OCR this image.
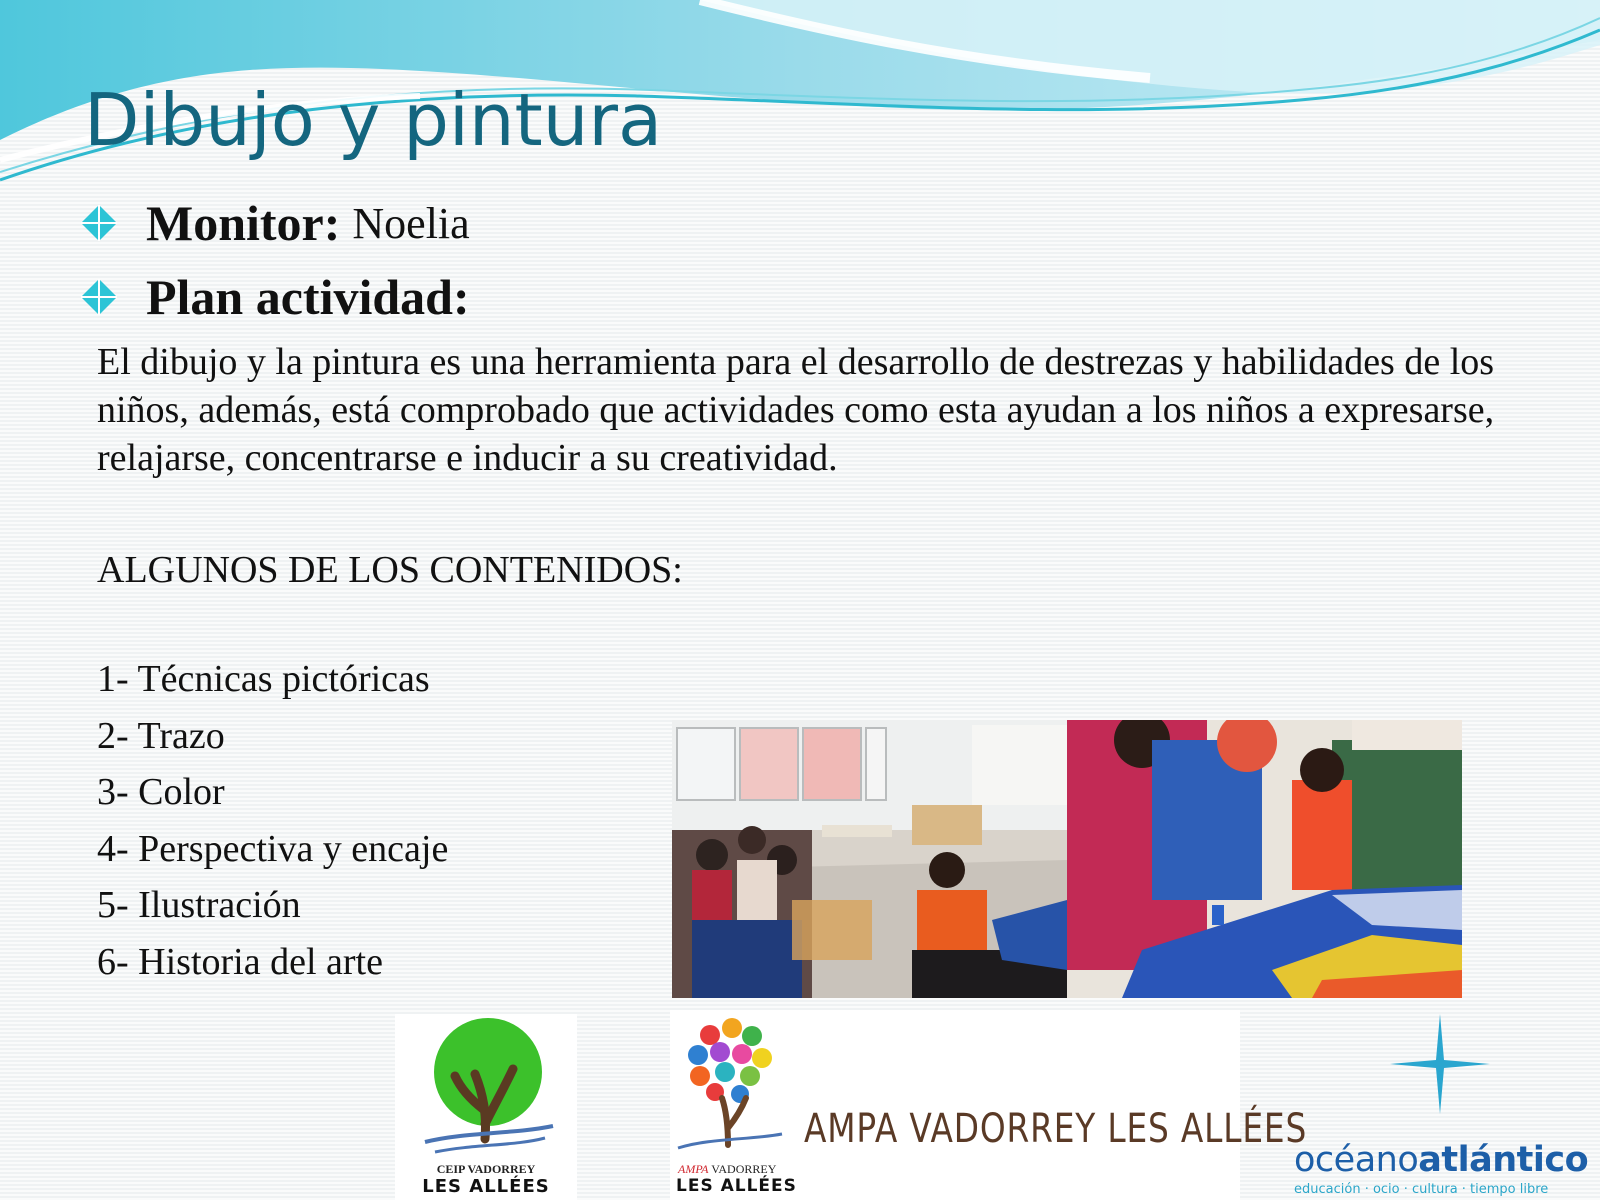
Dibujo y pintura
Monitor: Noelia
Plan actividad:

El dibujo y la pintura es una herramienta para el desarrollo de destrezas y habilidades de los niños, además, está comprobado que actividades como esta ayudan a los niños a expresarse, relajarse, concentrarse e inducir a su creatividad.

ALGUNOS DE LOS CONTENIDOS:

1- Técnicas pictóricas
2- Trazo
3- Color
4- Perspectiva y encaje
5- Ilustración
6- Historia del arte
CEIP VADORREY
LES ALLÉES
AMPA VADORREY
LES ALLÉES
AMPA VADORREY LES ALLÉES
océanoatlántico
educación · ocio · cultura · tiempo libre
